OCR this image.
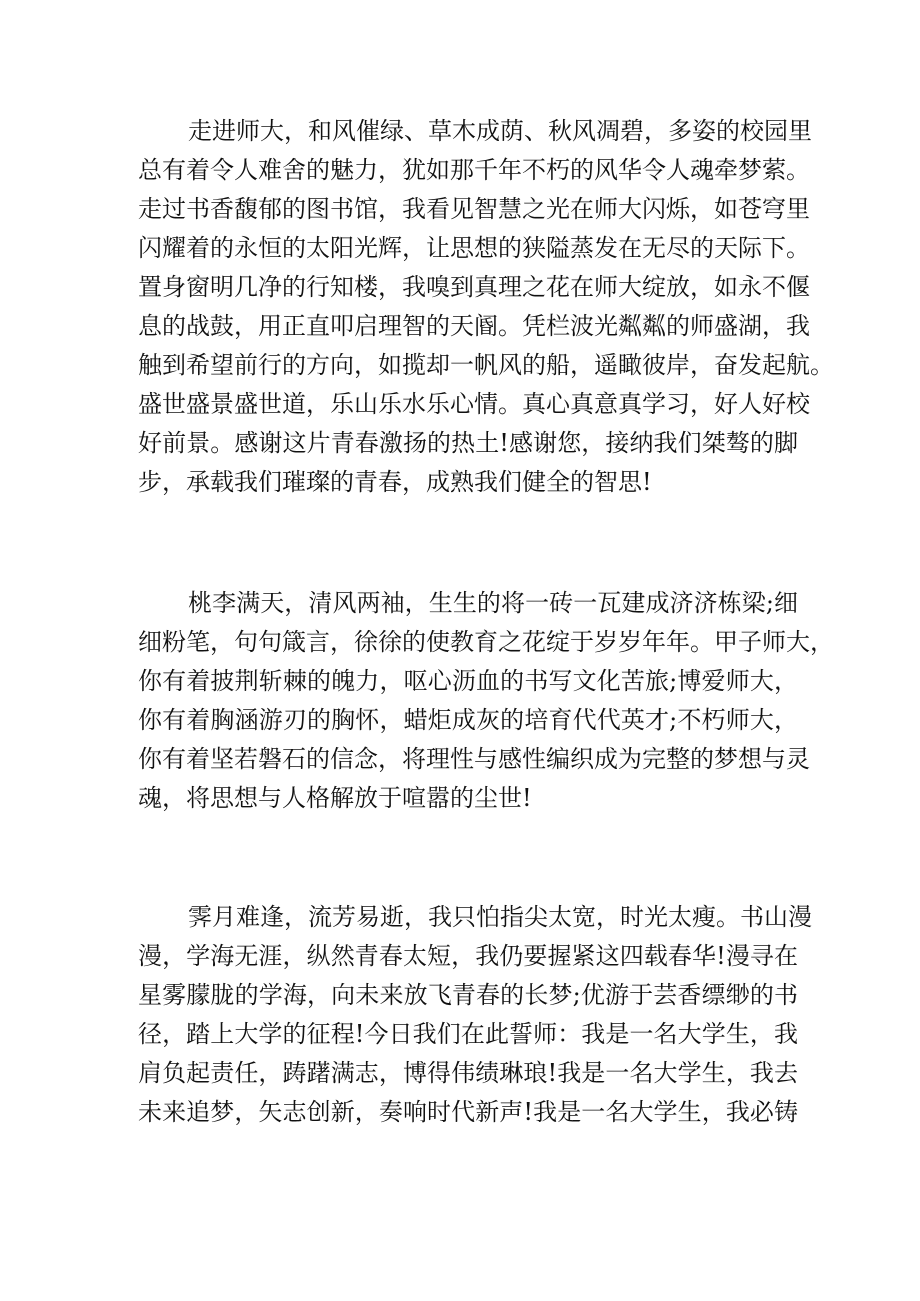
走进师大，和风催绿、草木成荫、秋风凋碧，多姿的校园里
总有着令人难舍的魅力，犹如那千年不朽的风华令人魂牵梦萦。
走过书香馥郁的图书馆，我看见智慧之光在师大闪烁，如苍穹里
闪耀着的永恒的太阳光辉，让思想的狭隘蒸发在无尽的天际下。
置身窗明几净的行知楼，我嗅到真理之花在师大绽放，如永不偃
息的战鼓，用正直叩启理智的天阍。凭栏波光粼粼的师盛湖，我
触到希望前行的方向，如揽却一帆风的船，遥瞰彼岸，奋发起航。
盛世盛景盛世道，乐山乐水乐心情。真心真意真学习，好人好校
好前景。感谢这片青春激扬的热土!感谢您，接纳我们桀骜的脚
步，承载我们璀璨的青春，成熟我们健全的智思!
桃李满天，清风两袖，生生的将一砖一瓦建成济济栋梁;细
细粉笔，句句箴言，徐徐的使教育之花绽于岁岁年年。甲子师大，
你有着披荆斩棘的魄力，呕心沥血的书写文化苦旅;博爱师大，
你有着胸涵游刃的胸怀，蜡炬成灰的培育代代英才;不朽师大，
你有着坚若磐石的信念，将理性与感性编织成为完整的梦想与灵
魂，将思想与人格解放于喧嚣的尘世!
霁月难逢，流芳易逝，我只怕指尖太宽，时光太瘦。书山漫
漫，学海无涯，纵然青春太短，我仍要握紧这四载春华!漫寻在
星雾朦胧的学海，向未来放飞青春的长梦;优游于芸香缥缈的书
径，踏上大学的征程!今日我们在此誓师：我是一名大学生，我
肩负起责任，踌躇满志，博得伟绩琳琅!我是一名大学生，我去
未来追梦，矢志创新，奏响时代新声!我是一名大学生，我必铸
